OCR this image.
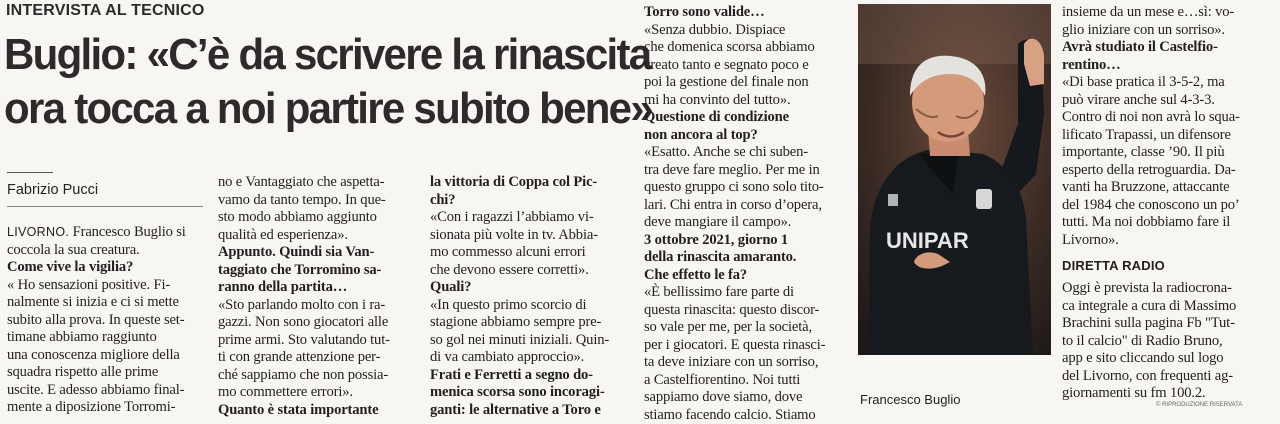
INTERVISTA AL TECNICO
Buglio: «C’è da scrivere la rinascita
ora tocca a noi partire subito bene»
Fabrizio Pucci
LIVORNO. Francesco Buglio si
coccola la sua creatura.
Come vive la vigilia?
« Ho sensazioni positive. Fi-
nalmente si inizia e ci si mette
subito alla prova. In queste set-
timane abbiamo raggiunto
una conoscenza migliore della
squadra rispetto alle prime
uscite. E adesso abbiamo final-
mente a diposizione Torromi-
no e Vantaggiato che aspetta-
vamo da tanto tempo. In que-
sto modo abbiamo aggiunto
qualità ed esperienza».
Appunto. Quindi sia Van-
taggiato che Torromino sa-
ranno della partita…
«Sto parlando molto con i ra-
gazzi. Non sono giocatori alle
prime armi. Sto valutando tut-
ti con grande attenzione per-
ché sappiamo che non possia-
mo commettere errori».
Quanto è stata importante
la vittoria di Coppa col Pic-
chi?
«Con i ragazzi l’abbiamo vi-
sionata più volte in tv. Abbia-
mo commesso alcuni errori
che devono essere corretti».
Quali?
«In questo primo scorcio di
stagione abbiamo sempre pre-
so gol nei minuti iniziali. Quin-
di va cambiato approccio».
Frati e Ferretti a segno do-
menica scorsa sono incoragi-
ganti: le alternative a Toro e
Torro sono valide…
«Senza dubbio. Dispiace
che domenica scorsa abbiamo
creato tanto e segnato poco e
poi la gestione del finale non
mi ha convinto del tutto».
Questione di condizione
non ancora al top?
«Esatto. Anche se chi suben-
tra deve fare meglio. Per me in
questo gruppo ci sono solo tito-
lari. Chi entra in corso d’opera,
deve mangiare il campo».
3 ottobre 2021, giorno 1
della rinascita amaranto.
Che effetto le fa?
«È bellissimo fare parte di
questa rinascita: questo discor-
so vale per me, per la società,
per i giocatori. E questa rinasci-
ta deve iniziare con un sorriso,
a Castelfiorentino. Noi tutti
sappiamo dove siamo, dove
stiamo facendo calcio. Stiamo
insieme da un mese e…sì: vo-
glio iniziare con un sorriso».
Avrà studiato il Castelfio-
rentino…
«Di base pratica il 3-5-2, ma
può virare anche sul 4-3-3.
Contro di noi non avrà lo squa-
lificato Trapassi, un difensore
importante, classe ’90. Il più
esperto della retroguardia. Da-
vanti ha Bruzzone, attaccante
del 1984 che conoscono un po’
tutti. Ma noi dobbiamo fare il
Livorno».
UNIPAR
Francesco Buglio
DIRETTA RADIO
Oggi è prevista la radiocrona-
ca integrale a cura di Massimo
Brachini sulla pagina Fb "Tut-
to il calcio" di Radio Bruno,
app e sito cliccando sul logo
del Livorno, con frequenti ag-
giornamenti su fm 100.2.
© RIPRODUZIONE RISERVATA
